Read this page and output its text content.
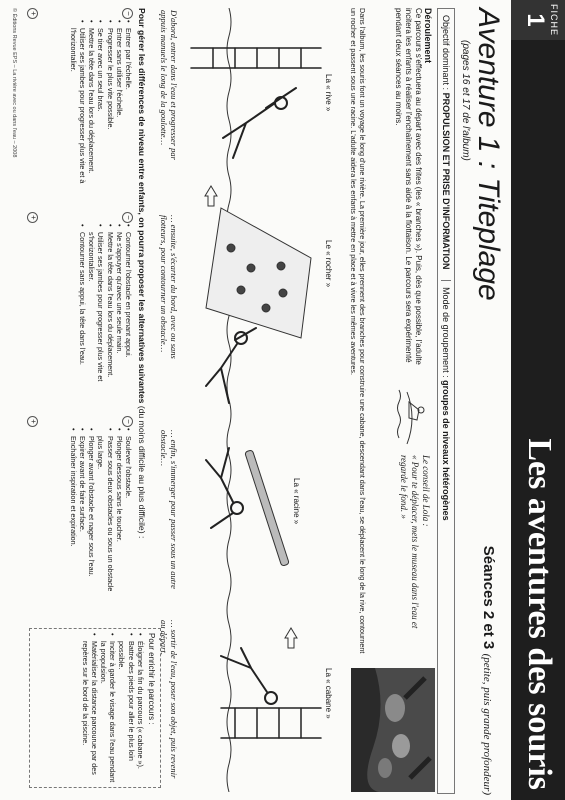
FICHE
1
Les aventures des souris
Aventure 1 : Titeplage
(pages 16 et 17 de l'album)
Séances 2 et 3 (petite, puis grande profondeur)
Objectif dominant : PROPULSION ET PRISE D'INFORMATION Mode de groupement : groupes de niveaux hétérogènes
Déroulement
Ce parcours s'effectuera au départ avec des frites (les « branches »). Puis, dès que possible, l'adulte incitera les enfants à réaliser l'enchaînement sans aide à la flottaison. Le parcours sera expérimenté pendant deux séances au moins.
Le conseil de Lola :
« Pour te déplacer, mets le museau dans l'eau et regarde le fond. »
Dans l'album, les souris font un voyage le long d'une rivière. La première jour, elles prennent des branches pour construire une cabane, descendant dans l'eau, se déplacent le long de la rive, contournent un rocher et passent sous une racine. L'adulte aidera les enfants à mettre en place et à vivre les mêmes aventures.
La « rive »
Le « rocher »
La « racine »
La « cabane »
D'abord, entrer dans l'eau et progresser par appuis manuels le long de la goulotte…
… ensuite, s'écarter du bord, avec ou sans flotteurs, pour contourner un obstacle…
… enfin, s'immerger pour passer sous un autre obstacle…
… sortir de l'eau, poser son objet, puis revenir au départ.
Pour gérer les différences de niveau entre enfants, on pourra proposer les alternatives suivantes (du moins difficile au plus difficile) :
−
• Entrer par l'échelle.
• Entrer sans utiliser l'échelle.
• Progresser le plus vite possible.
• Se tirer avec un seul bras.
• Mettre la tête dans l'eau lors du déplacement.
• Utiliser ses jambes pour progresser plus vite et à l'horizontalier.
+
−
• Contourner l'obstacle en prenant appui.
• Ne s'appuyer qu'avec une seule main.
• Mettre la tête dans l'eau lors du déplacement.
• Utiliser ses jambes pour progresser plus vite et s'horizontaliser.
• Contourner sans appui, la tête dans l'eau.
+
−
• Soulever l'obstacle.
• Plonger dessous sans le toucher.
• Passer sous deux obstacles ou sous un obstacle plus large.
• Plonger avant l'obstacle et nager sous l'eau.
• Expirer avant de faire surface.
• Enchaîner inspiration et expiration.
+
Pour enrichir le parcours :
• Éloigner la fin du parcours (« cabane »).
• Battre des pieds pour aller le plus loin possible.
• Inciter à garder le visage dans l'eau pendant la propulsion.
• Matérialiser la distance parcourue par des repères sur le bord de la piscine.
© Éditions Revue EPS – La rivière avec ou dans l'eau – 2008
